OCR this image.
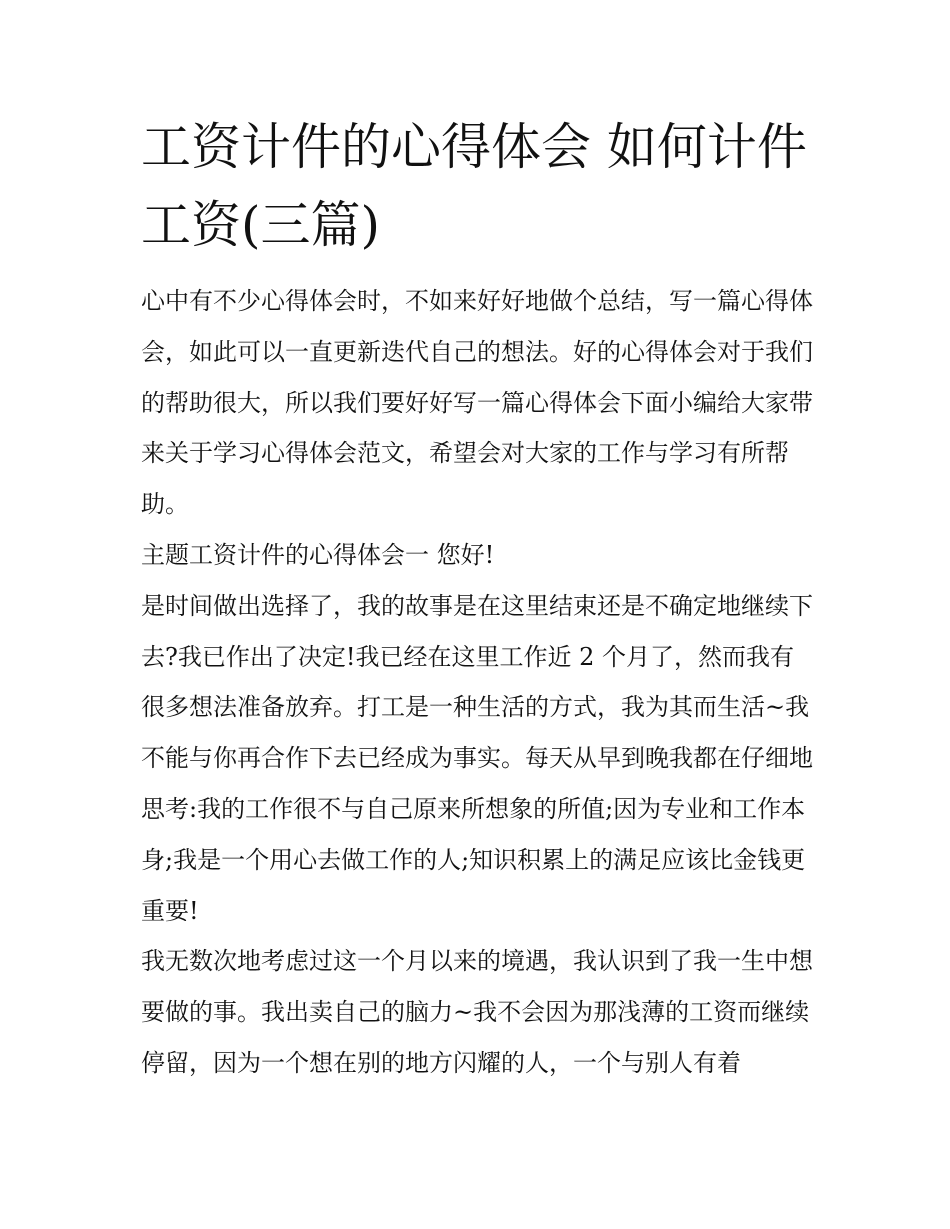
工资计件的心得体会 如何计件工资(三篇)

心中有不少心得体会时，不如来好好地做个总结，写一篇心得体会，如此可以一直更新迭代自己的想法。好的心得体会对于我们的帮助很大，所以我们要好好写一篇心得体会下面小编给大家带来关于学习心得体会范文，希望会对大家的工作与学习有所帮助。

主题工资计件的心得体会一 您好!

是时间做出选择了，我的故事是在这里结束还是不确定地继续下去?我已作出了决定!我已经在这里工作近 2 个月了，然而我有很多想法准备放弃。打工是一种生活的方式，我为其而生活~我不能与你再合作下去已经成为事实。每天从早到晚我都在仔细地思考:我的工作很不与自己原来所想象的所值;因为专业和工作本身;我是一个用心去做工作的人;知识积累上的满足应该比金钱更重要!

我无数次地考虑过这一个月以来的境遇，我认识到了我一生中想要做的事。我出卖自己的脑力~我不会因为那浅薄的工资而继续停留，因为一个想在别的地方闪耀的人，一个与别人有着
